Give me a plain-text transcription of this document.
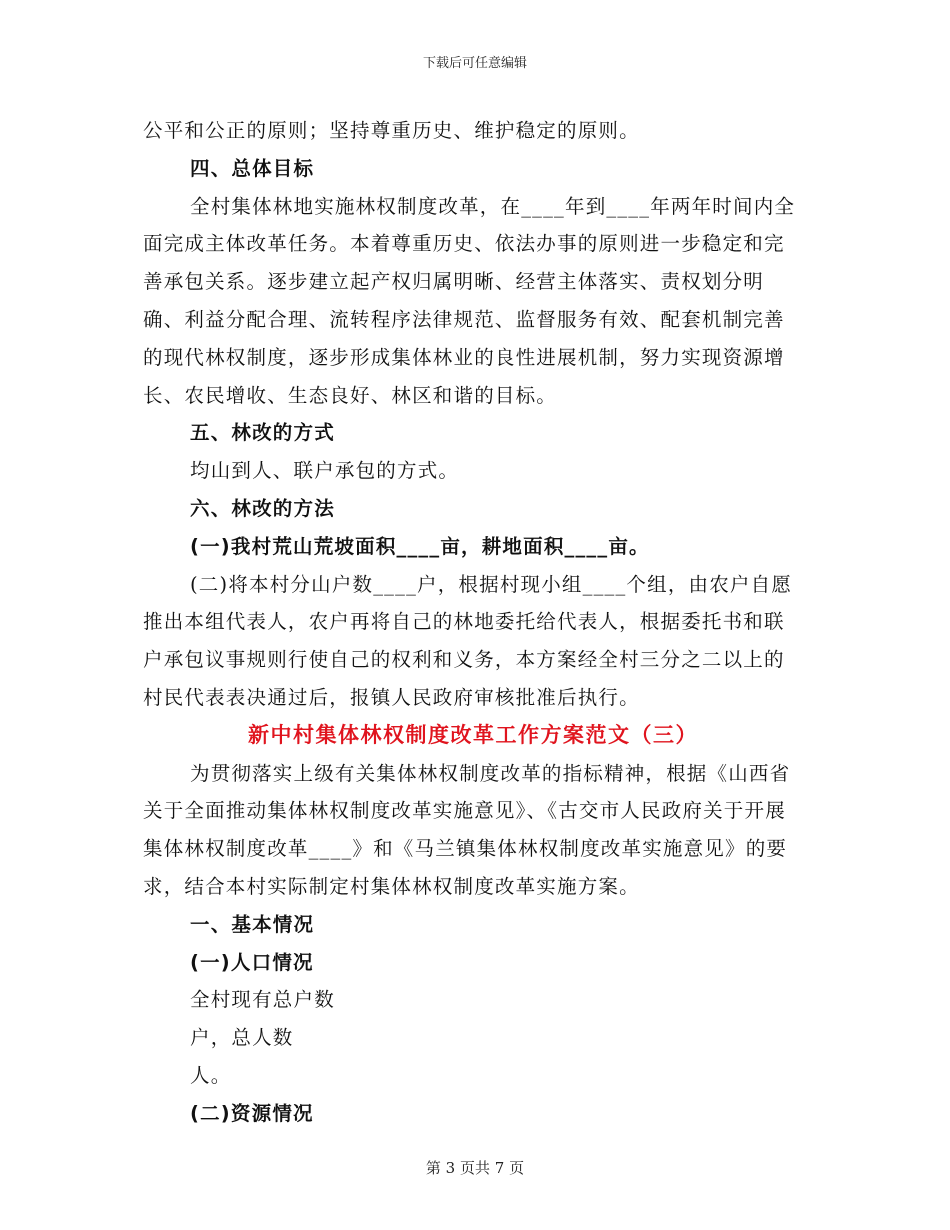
下载后可任意编辑

公平和公正的原则；坚持尊重历史、维护稳定的原则。

四、总体目标

全村集体林地实施林权制度改革，在____年到____年两年时间内全面完成主体改革任务。本着尊重历史、依法办事的原则进一步稳定和完善承包关系。逐步建立起产权归属明晰、经营主体落实、责权划分明确、利益分配合理、流转程序法律规范、监督服务有效、配套机制完善的现代林权制度，逐步形成集体林业的良性进展机制，努力实现资源增长、农民增收、生态良好、林区和谐的目标。

五、林改的方式

均山到人、联户承包的方式。

六、林改的方法

(一)我村荒山荒坡面积____亩，耕地面积____亩。

(二)将本村分山户数____户，根据村现小组____个组，由农户自愿推出本组代表人，农户再将自己的林地委托给代表人，根据委托书和联户承包议事规则行使自己的权利和义务，本方案经全村三分之二以上的村民代表表决通过后，报镇人民政府审核批准后执行。

新中村集体林权制度改革工作方案范文（三）

为贯彻落实上级有关集体林权制度改革的指标精神，根据《山西省关于全面推动集体林权制度改革实施意见》、《古交市人民政府关于开展集体林权制度改革____》和《马兰镇集体林权制度改革实施意见》的要求，结合本村实际制定村集体林权制度改革实施方案。

一、基本情况

(一)人口情况

全村现有总户数

户，总人数

人。

(二)资源情况

第 3 页共 7 页
